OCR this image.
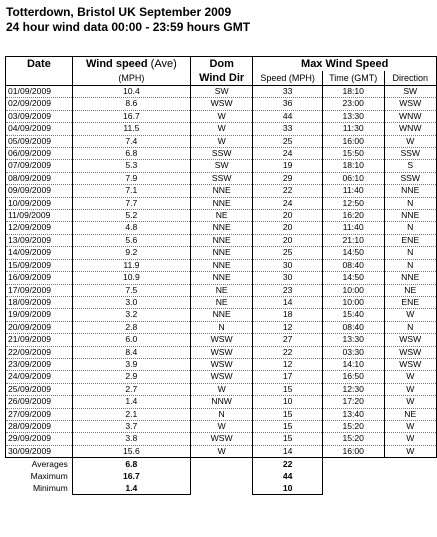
Totterdown, Bristol UK September 2009
24 hour wind data 00:00 - 23:59 hours GMT
Date	Wind speed (Ave)	Dom	Max Wind Speed		
	(MPH)	Wind Dir	Speed (MPH)	Time (GMT)	Direction
01/09/2009	10.4	SW	33	18:10	SW
02/09/2009	8.6	WSW	36	23:00	WSW
03/09/2009	16.7	W	44	13:30	WNW
04/09/2009	11.5	W	33	11:30	WNW
05/09/2009	7.4	W	25	16:00	W
06/09/2009	6.8	SSW	24	15:50	SSW
07/09/2009	5.3	SW	19	18:10	S
08/09/2009	7.9	SSW	29	06:10	SSW
09/09/2009	7.1	NNE	22	11:40	NNE
10/09/2009	7.7	NNE	24	12:50	N
11/09/2009	5.2	NE	20	16:20	NNE
12/09/2009	4.8	NNE	20	11:40	N
13/09/2009	5.6	NNE	20	21:10	ENE
14/09/2009	9.2	NNE	25	14:50	N
15/09/2009	11.9	NNE	30	08:40	N
16/09/2009	10.9	NNE	30	14:50	NNE
17/09/2009	7.5	NE	23	10:00	NE
18/09/2009	3.0	NE	14	10:00	ENE
19/09/2009	3.2	NNE	18	15:40	W
20/09/2009	2.8	N	12	08:40	N
21/09/2009	6.0	WSW	27	13:30	WSW
22/09/2009	8.4	WSW	22	03:30	WSW
23/09/2009	3.9	WSW	12	14:10	WSW
24/09/2009	2.9	WSW	17	16:50	W
25/09/2009	2.7	W	15	12:30	W
26/09/2009	1.4	NNW	10	17:20	W
27/09/2009	2.1	N	15	13:40	NE
28/09/2009	3.7	W	15	15:20	W
29/09/2009	3.8	WSW	15	15:20	W
30/09/2009	15.6	W	14	16:00	W
Averages	6.8		22		
Maximum	16.7		44		
Minimum	1.4		10		
